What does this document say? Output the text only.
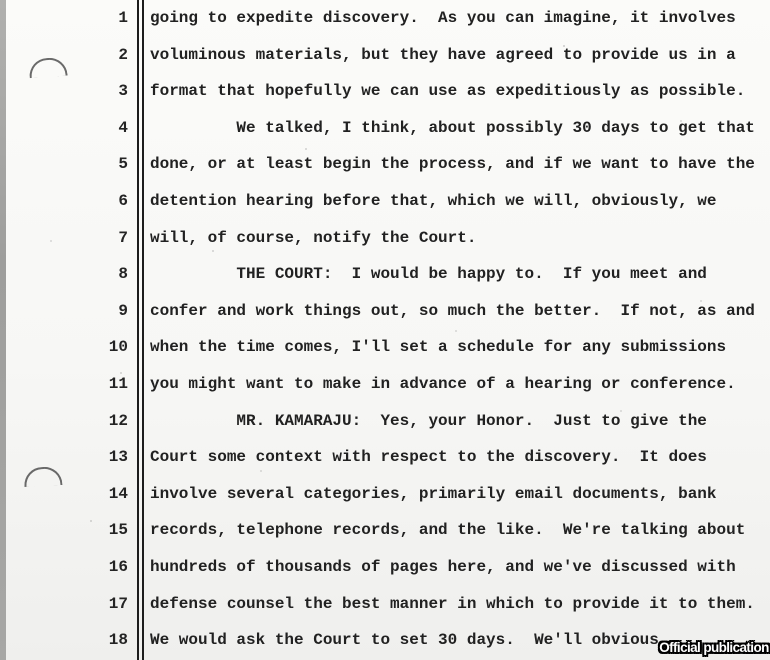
1 going to expedite discovery.  As you can imagine, it involves
2 voluminous materials, but they have agreed to provide us in a
3 format that hopefully we can use as expeditiously as possible.
4 We talked, I think, about possibly 30 days to get that
5 done, or at least begin the process, and if we want to have the
6 detention hearing before that, which we will, obviously, we
7 will, of course, notify the Court.
8 THE COURT:  I would be happy to.  If you meet and
9 confer and work things out, so much the better.  If not, as and
10 when the time comes, I'll set a schedule for any submissions
11 you might want to make in advance of a hearing or conference.
12 MR. KAMARAJU:  Yes, your Honor.  Just to give the
13 Court some context with respect to the discovery.  It does
14 involve several categories, primarily email documents, bank
15 records, telephone records, and the like.  We're talking about
16 hundreds of thousands of pages here, and we've discussed with
17 defense counsel the best manner in which to provide it to them.
18 We would ask the Court to set 30 days.  We'll obvious Official publication
